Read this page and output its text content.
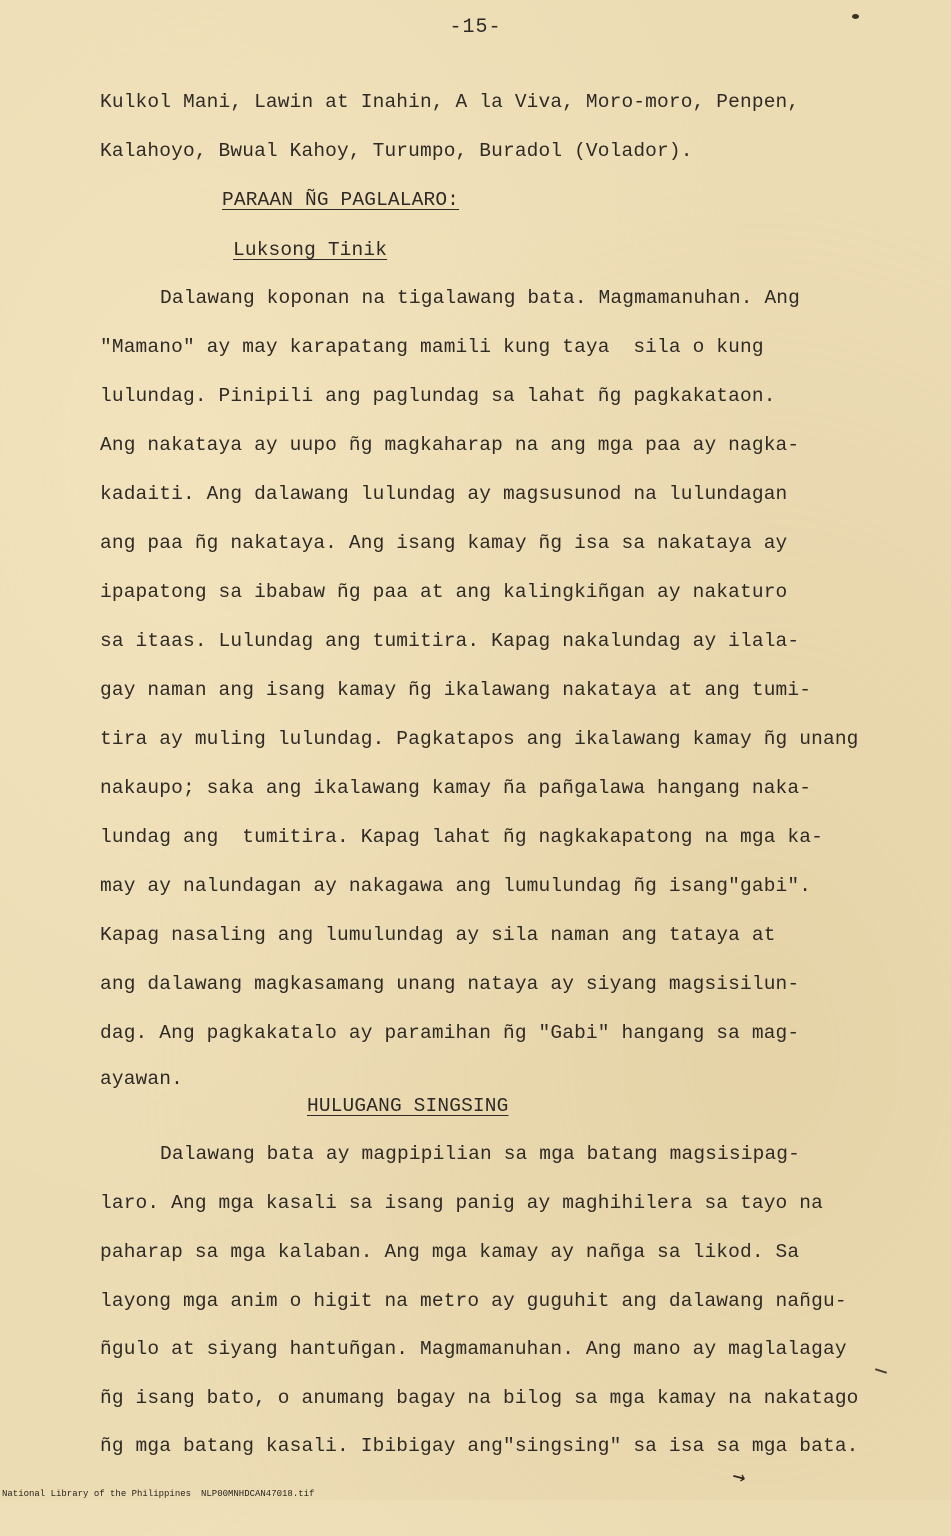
-15-
Kulkol Mani, Lawin at Inahin, A la Viva, Moro-moro, Penpen,
Kalahoyo, Bwual Kahoy, Turumpo, Buradol (Volador).
PARAAN ÑG PAGLALARO:
Luksong Tinik
Dalawang koponan na tigalawang bata. Magmamanuhan. Ang
"Mamano" ay may karapatang mamili kung taya  sila o kung
lulundag. Pinipili ang paglundag sa lahat ñg pagkakataon.
Ang nakataya ay uupo ñg magkaharap na ang mga paa ay nagka-
kadaiti. Ang dalawang lulundag ay magsusunod na lulundagan
ang paa ñg nakataya. Ang isang kamay ñg isa sa nakataya ay
ipapatong sa ibabaw ñg paa at ang kalingkiñgan ay nakaturo
sa itaas. Lulundag ang tumitira. Kapag nakalundag ay ilala-
gay naman ang isang kamay ñg ikalawang nakataya at ang tumi-
tira ay muling lulundag. Pagkatapos ang ikalawang kamay ñg unang
nakaupo; saka ang ikalawang kamay ña pañgalawa hangang naka-
lundag ang  tumitira. Kapag lahat ñg nagkakapatong na mga ka-
may ay nalundagan ay nakagawa ang lumulundag ñg isang"gabi".
Kapag nasaling ang lumulundag ay sila naman ang tataya at
ang dalawang magkasamang unang nataya ay siyang magsisilun-
dag. Ang pagkakatalo ay paramihan ñg "Gabi" hangang sa mag-
ayawan.
HULUGANG SINGSING
Dalawang bata ay magpipilian sa mga batang magsisipag-
laro. Ang mga kasali sa isang panig ay maghihilera sa tayo na
paharap sa mga kalaban. Ang mga kamay ay nañga sa likod. Sa
layong mga anim o higit na metro ay guguhit ang dalawang nañgu-
ñgulo at siyang hantuñgan. Magmamanuhan. Ang mano ay maglalagay
ñg isang bato, o anumang bagay na bilog sa mga kamay na nakatago
ñg mga batang kasali. Ibibigay ang"singsing" sa isa sa mga bata.
↘

National Library of the Philippines

NLP00MNHDCAN47018.tif
